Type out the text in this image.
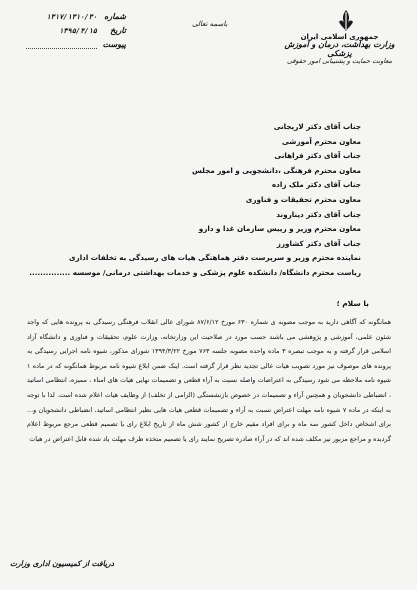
جمهوری اسلامی ایران
وزارت بهداشت، درمان و آموزش پزشکی
معاونت حمایت و پشتیبانی امور حقوقی
باسمه تعالی
شماره
۱۳۱۷/۱۳۱۰/۳۰
تاریخ
۱۳۹۵/۴/۱۵
پیوست
جناب آقای دکتر لاریجانی
معاون محترم آموزشی
جناب آقای دکتر فراهانی
معاون محترم فرهنگی ،دانشجویی و امور مجلس
جناب آقای دکتر ملک زاده
معاون محترم تحقیقات و فناوری
جناب آقای دکتر دیناروند
معاون محترم وزیر و رییس سازمان غذا و دارو
جناب آقای دکتر کشاورز
نماینده محترم وزیر و سرپرست دفتر هماهنگی هیات های رسیدگی به تخلفات اداری
ریاست محترم دانشگاه/ دانشکده علوم پزشکی و خدمات بهداشتی درمانی/ موسسه ...............
با سلام ؛

همانگونه که آگاهی دارید به موجب مصوبه ی شماره ۶۳۰ مورخ ۸۷/۶/۱۲ شورای عالی انقلاب فرهنگی رسیدگی به پرونده هایی که واجد شئون علمی، آموزشی و پژوهشی می باشند حسب مورد در صلاحیت این وزارتخانه، وزارت علوم، تحقیقات و فناوری و دانشگاه آزاد اسلامی قرار گرفته و به موجب تبصره ۳ ماده واحده مصوبه جلسه ۷۶۳ مورخ ۱۳۹۴/۳/۲۲ شورای مذکور، شیوه نامه اجرایی رسیدگی به پرونده های موصوف نیز مورد تصویب هیات عالی تجدید نظر قرار گرفته است. اینک ضمن ابلاغ شیوه نامه مربوط همانگونه که در ماده ۱ شیوه نامه ملاحظه می شود رسیدگی به اعتراضات واصله نسبت به آراء قطعی و تصمیمات نهایی هیات های امناء ، ممیزه، انتظامی اساتید ، انضباطی دانشجویان و همچنین آراء و تصمیمات در خصوص بازنشستگی (الزامی از تخلف) از وظایف هیات اعلام شده است. لذا با توجه به اینکه در ماده ۷ شیوه نامه مهلت اعتراض نسبت به آراء و تصمیمات قطعی هیات هایی نظیر انتظامی اساتید، انضباطی دانشجویان و... برای اشخاص داخل کشور سه ماه و برای افراد مقیم خارج از کشور شش ماه از تاریخ ابلاغ رای یا تصمیم قطعی مرجع مربوط اعلام گردیده و مراجع مزبور نیز مکلف شده اند که در آراء صادره تصریح نمایند رای یا تصمیم متخذه ظرف مهلت یاد شده قابل اعتراض در هیات

دریافت از کمیسیون اداری وزارت
